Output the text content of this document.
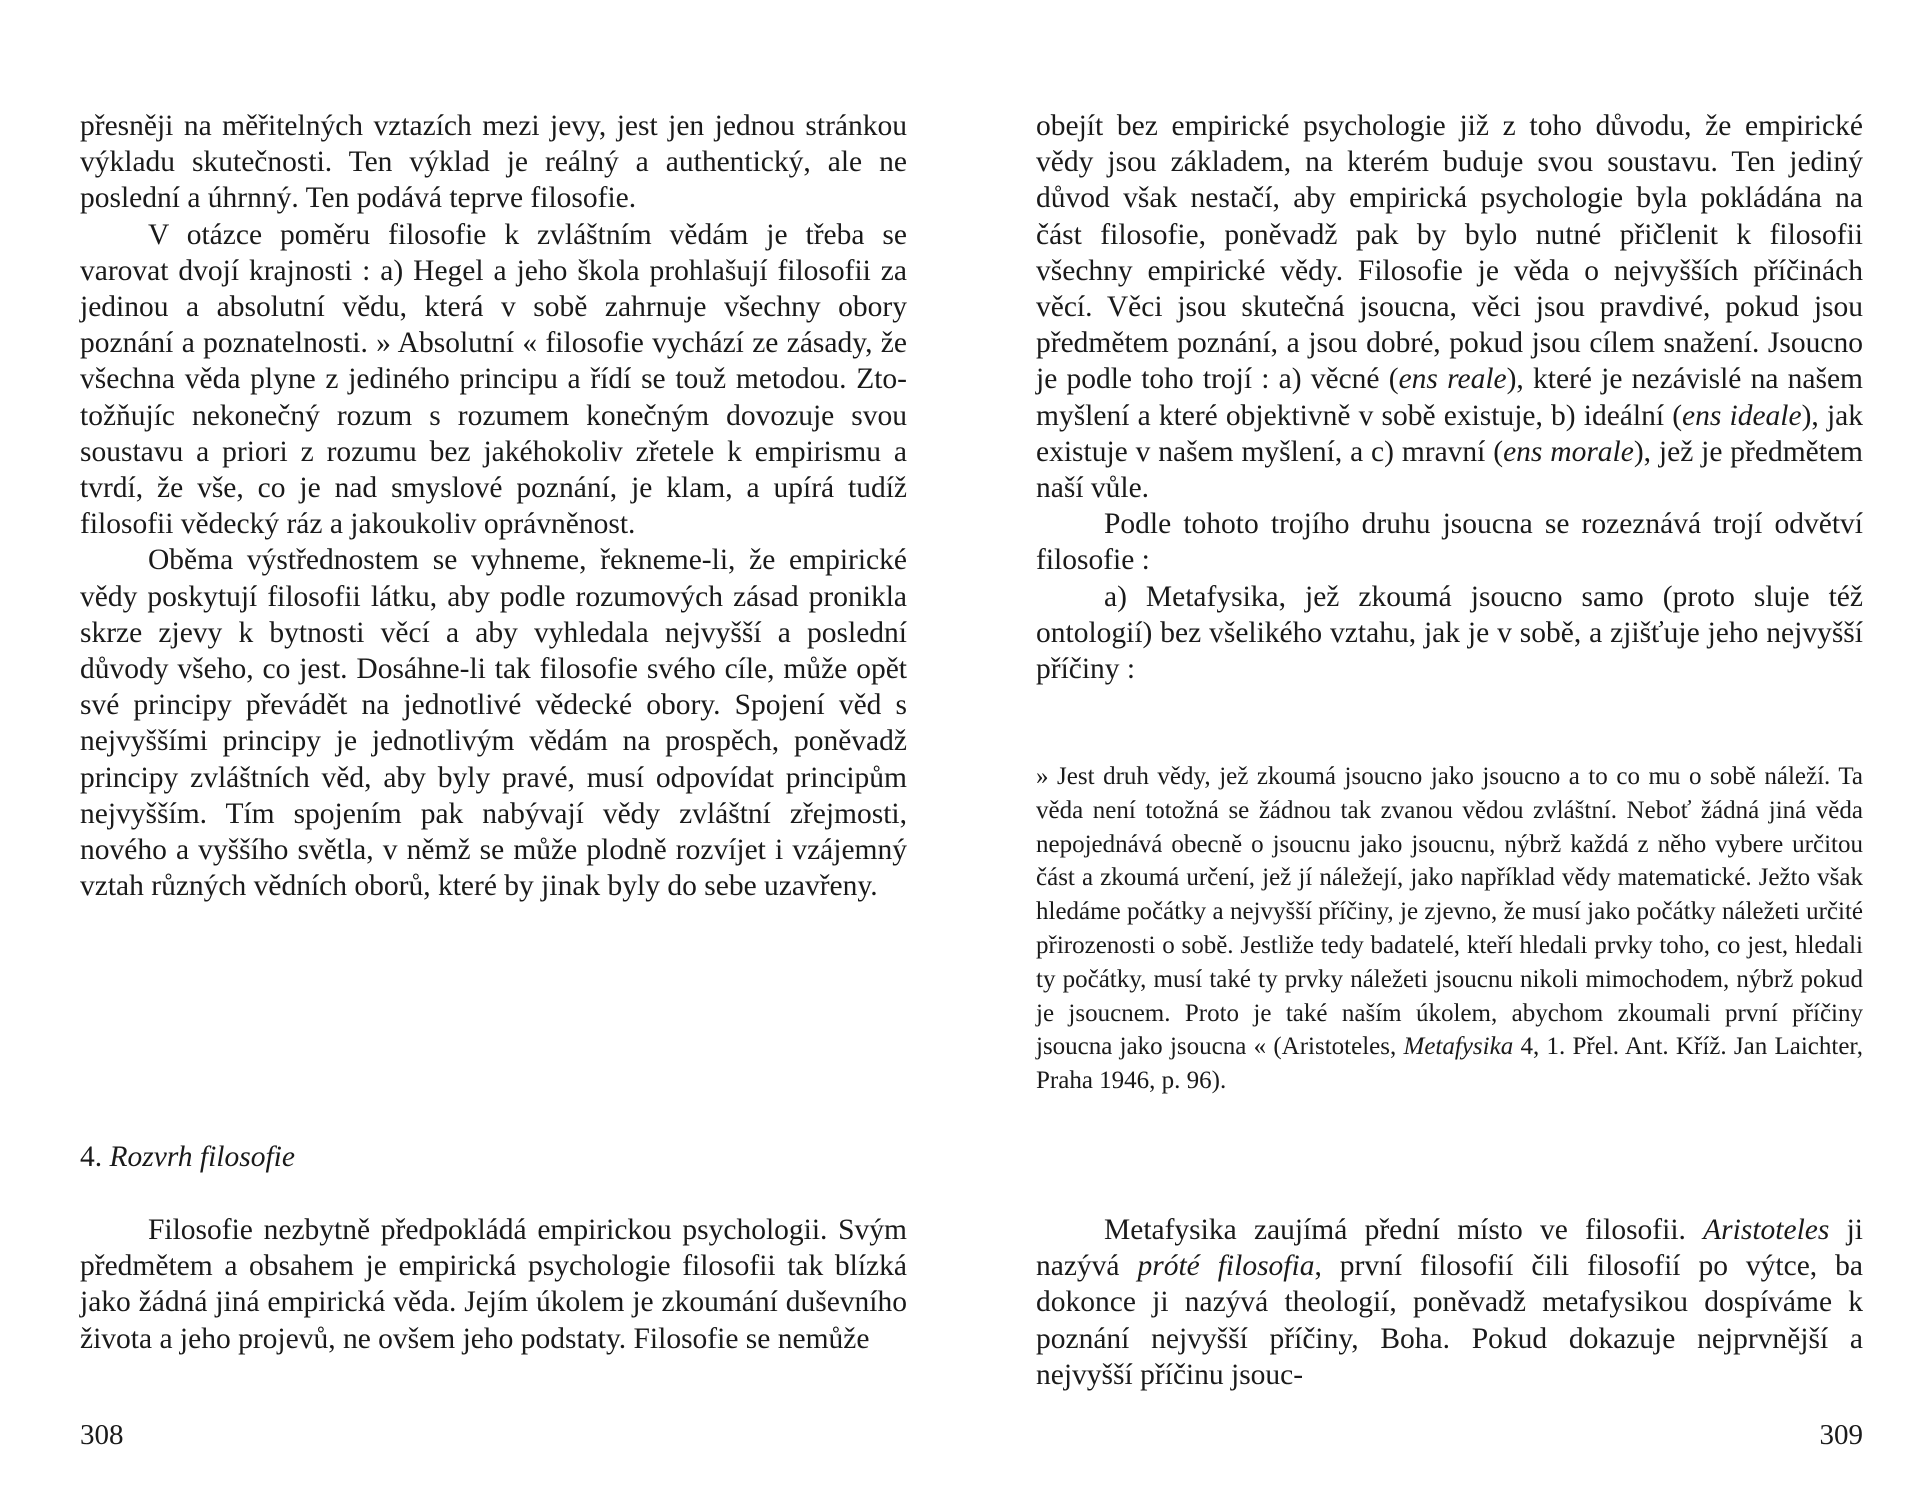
přesněji na měřitelných vztazích mezi jevy, jest jen jednou stránkou výkladu skutečnosti. Ten výklad je reálný a authentický, ale ne poslední a úhrnný. Ten podává teprve filosofie.

V otázce poměru filosofie k zvláštním vědám je třeba se varovat dvojí krajnosti : a) Hegel a jeho škola prohlašují filosofii za jedinou a absolutní vědu, která v sobě zahrnuje všechny obory poznání a poznatelnosti. » Absolutní « filosofie vychází ze zásady, že všechna věda plyne z jediného principu a řídí se touž metodou. Ztotožňujíc nekonečný rozum s rozumem konečným dovozuje svou soustavu a priori z rozumu bez jakéhokoliv zřetele k empirismu a tvrdí, že vše, co je nad smyslové poznání, je klam, a upírá tudíž filosofii vědecký ráz a jakoukoliv oprávněnost.

Oběma výstřednostem se vyhneme, řekneme-li, že empirické vědy poskytují filosofii látku, aby podle rozumových zásad pronikla skrze zjevy k bytnosti věcí a aby vyhledala nejvyšší a poslední důvody všeho, co jest. Dosáhne-li tak filosofie svého cíle, může opět své principy převádět na jednotlivé vědecké obory. Spojení věd s nejvyššími principy je jednotlivým vědám na prospěch, poněvadž principy zvláštních věd, aby byly pravé, musí odpovídat principům nejvyšším. Tím spojením pak nabývají vědy zvláštní zřejmosti, nového a vyššího světla, v němž se může plodně rozvíjet i vzájemný vztah různých vědních oborů, které by jinak byly do sebe uzavřeny.

4. Rozvrh filosofie

Filosofie nezbytně předpokládá empirickou psychologii. Svým předmětem a obsahem je empirická psychologie filosofii tak blízká jako žádná jiná empirická věda. Jejím úkolem je zkoumání duševního života a jeho projevů, ne ovšem jeho podstaty. Filosofie se nemůže

308

obejít bez empirické psychologie již z toho důvodu, že empirické vědy jsou základem, na kterém buduje svou soustavu. Ten jediný důvod však nestačí, aby empirická psychologie byla pokládána na část filosofie, poněvadž pak by bylo nutné přičlenit k filosofii všechny empirické vědy. Filosofie je věda o nejvyšších příčinách věcí. Věci jsou skutečná jsoucna, věci jsou pravdivé, pokud jsou předmětem poznání, a jsou dobré, pokud jsou cílem snažení. Jsoucno je podle toho trojí : a) věcné (ens reale), které je nezávislé na našem myšlení a které objektivně v sobě existuje, b) ideální (ens ideale), jak existuje v našem myšlení, a c) mravní (ens morale), jež je předmětem naší vůle.

Podle tohoto trojího druhu jsoucna se rozeznává trojí odvětví filosofie :

a) Metafysika, jež zkoumá jsoucno samo (proto sluje též ontologií) bez všelikého vztahu, jak je v sobě, a zjišťuje jeho nejvyšší příčiny :

» Jest druh vědy, jež zkoumá jsoucno jako jsoucno a to co mu o sobě náleží. Ta věda není totožná se žádnou tak zvanou vědou zvláštní. Neboť žádná jiná věda nepojednává obecně o jsoucnu jako jsoucnu, nýbrž každá z něho vybere určitou část a zkoumá určení, jež jí náležejí, jako například vědy matematické. Ježto však hledáme počátky a nejvyšší příčiny, je zjevno, že musí jako počátky náležeti určité přirozenosti o sobě. Jestliže tedy badatelé, kteří hledali prvky toho, co jest, hledali ty počátky, musí také ty prvky náležeti jsoucnu nikoli mimochodem, nýbrž pokud je jsoucnem. Proto je také naším úkolem, abychom zkoumali první příčiny jsoucna jako jsoucna « (Aristoteles, Metafysika 4, 1. Přel. Ant. Kříž. Jan Laichter, Praha 1946, p. 96).

Metafysika zaujímá přední místo ve filosofii. Aristoteles ji nazývá próté filosofia, první filosofií čili filosofií po výtce, ba dokonce ji nazývá theologií, poněvadž metafysikou dospíváme k poznání nejvyšší příčiny, Boha. Pokud dokazuje nejprvnější a nejvyšší příčinu jsouc-

309
